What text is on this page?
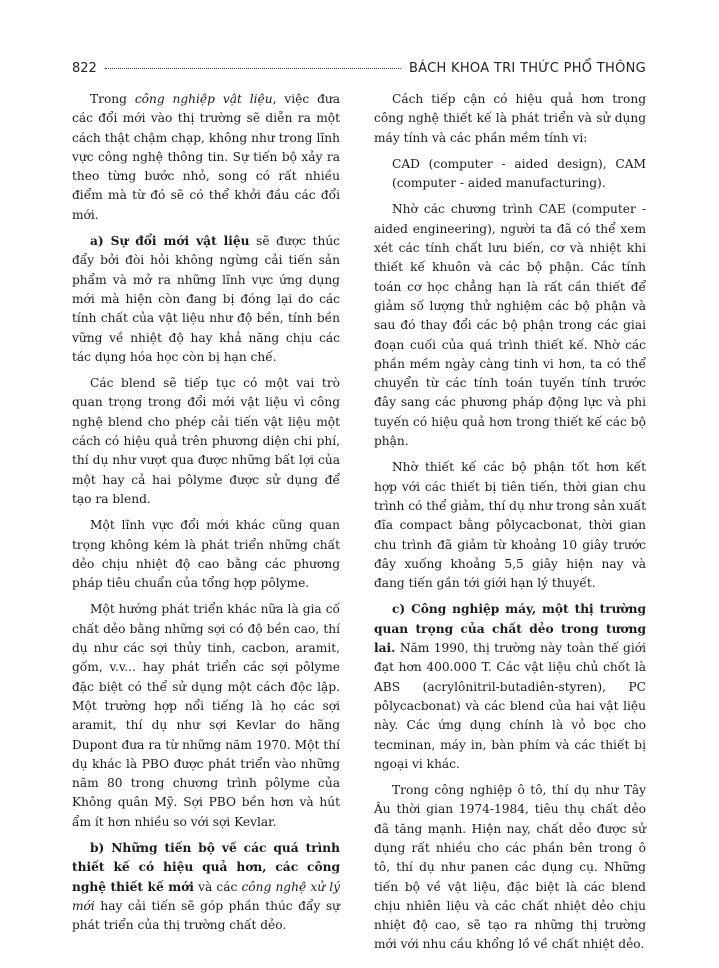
822	BÁCH KHOA TRI THỨC PHỔ THÔNG

Trong công nghiệp vật liệu, việc đưa các đổi mới vào thị trường sẽ diễn ra một cách thật chậm chạp, không như trong lĩnh vực công nghệ thông tin. Sự tiến bộ xảy ra theo từng bước nhỏ, song có rất nhiều điểm mà từ đó sẽ có thể khởi đầu các đổi mới.

a) Sự đổi mới vật liệu sẽ được thúc đẩy bởi đòi hỏi không ngừng cải tiến sản phẩm và mở ra những lĩnh vực ứng dụng mới mà hiện còn đang bị đóng lại do các tính chất của vật liệu như độ bền, tính bền vững về nhiệt độ hay khả năng chịu các tác dụng hóa học còn bị hạn chế.

Các blend sẽ tiếp tục có một vai trò quan trọng trong đổi mới vật liệu vì công nghệ blend cho phép cải tiến vật liệu một cách có hiệu quả trên phương diện chi phí, thí dụ như vượt qua được những bất lợi của một hay cả hai pôlyme được sử dụng để tạo ra blend.

Một lĩnh vực đổi mới khác cũng quan trọng không kém là phát triển những chất dẻo chịu nhiệt độ cao bằng các phương pháp tiêu chuẩn của tổng hợp pôlyme.

Một hướng phát triển khác nữa là gia cố chất dẻo bằng những sợi có độ bền cao, thí dụ như các sợi thủy tinh, cacbon, aramit, gốm, v.v... hay phát triển các sợi pôlyme đặc biệt có thể sử dụng một cách độc lập. Một trường hợp nổi tiếng là họ các sợi aramit, thí dụ như sợi Kevlar do hãng Dupont đưa ra từ những năm 1970. Một thí dụ khác là PBO được phát triển vào những năm 80 trong chương trình pôlyme của Không quân Mỹ. Sợi PBO bền hơn và hút ẩm ít hơn nhiều so với sợi Kevlar.

b) Những tiến bộ về các quá trình thiết kế có hiệu quả hơn, các công nghệ thiết kế mới và các công nghệ xử lý mới hay cải tiến sẽ góp phần thúc đẩy sự phát triển của thị trường chất dẻo.

Cách tiếp cận có hiệu quả hơn trong công nghệ thiết kế là phát triển và sử dụng máy tính và các phần mềm tính vi:

CAD (computer - aided design), CAM (computer - aided manufacturing).

Nhờ các chương trình CAE (computer - aided engineering), người ta đã có thể xem xét các tính chất lưu biến, cơ và nhiệt khi thiết kế khuôn và các bộ phận. Các tính toán cơ học chẳng hạn là rất cần thiết để giảm số lượng thử nghiệm các bộ phận và sau đó thay đổi các bộ phận trong các giai đoạn cuối của quá trình thiết kế. Nhờ các phần mềm ngày càng tinh vi hơn, ta có thể chuyển từ các tính toán tuyến tính trước đây sang các phương pháp động lực và phi tuyến có hiệu quả hơn trong thiết kế các bộ phận.

Nhờ thiết kế các bộ phận tốt hơn kết hợp với các thiết bị tiên tiến, thời gian chu trình có thể giảm, thí dụ như trong sản xuất đĩa compact bằng pôlycacbonat, thời gian chu trình đã giảm từ khoảng 10 giây trước đây xuống khoảng 5,5 giây hiện nay và đang tiến gần tới giới hạn lý thuyết.

c) Công nghiệp máy, một thị trường quan trọng của chất dẻo trong tương lai. Năm 1990, thị trường này toàn thế giới đạt hơn 400.000 T. Các vật liệu chủ chốt là ABS (acrylônitril-butadiên-styren), PC pôlycacbonat) và các blend của hai vật liệu này. Các ứng dụng chính là vỏ bọc cho tecminan, máy in, bàn phím và các thiết bị ngoại vi khác.

Trong công nghiệp ô tô, thí dụ như Tây Âu thời gian 1974-1984, tiêu thụ chất dẻo đã tăng mạnh. Hiện nay, chất dẻo được sử dụng rất nhiều cho các phần bên trong ô tô, thí dụ như panen các dụng cụ. Những tiến bộ về vật liệu, đặc biệt là các blend chịu nhiên liệu và các chất nhiệt dẻo chịu nhiệt độ cao, sẽ tạo ra những thị trường mới với nhu cầu khổng lồ về chất nhiệt dẻo.
